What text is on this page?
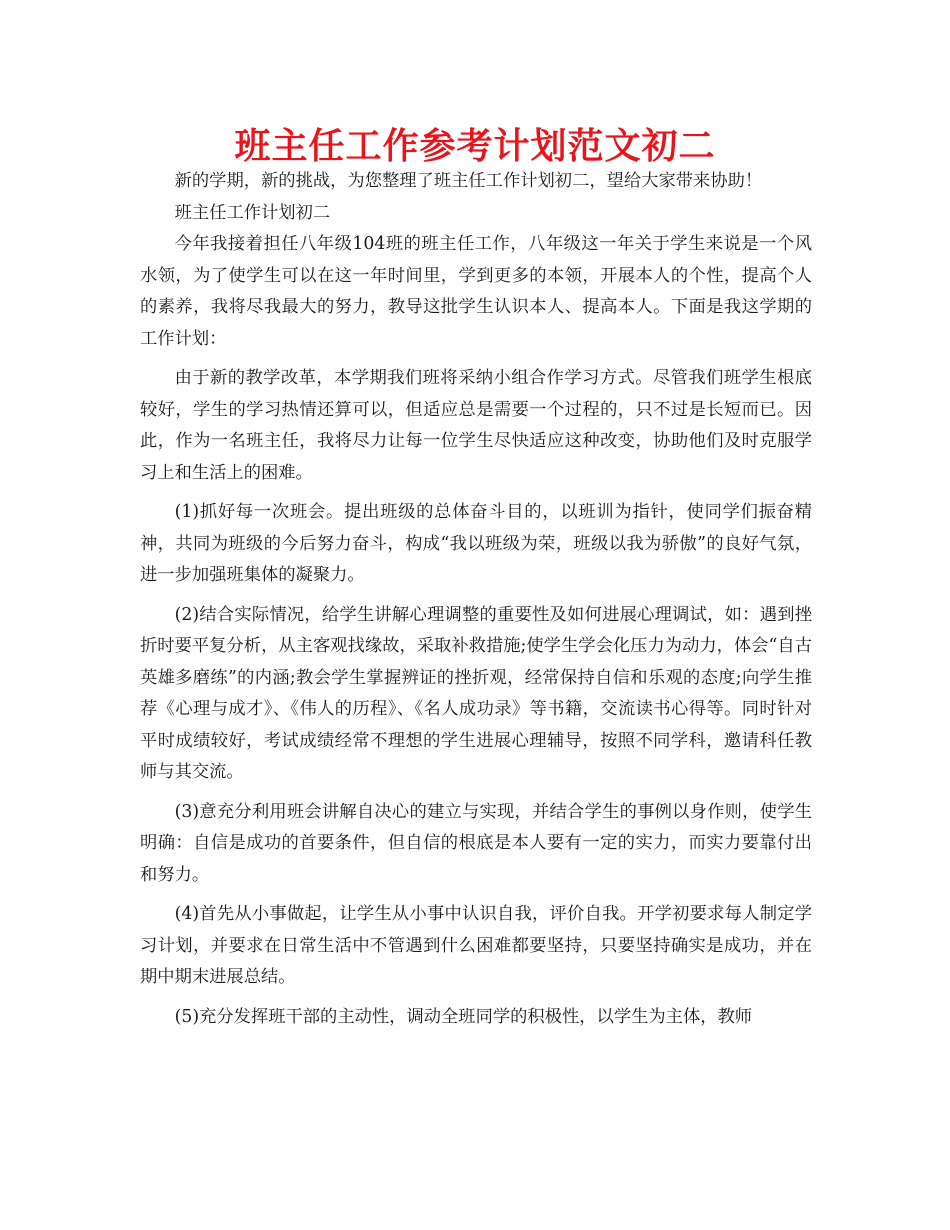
班主任工作参考计划范文初二

新的学期，新的挑战，为您整理了班主任工作计划初二，望给大家带来协助！

班主任工作计划初二

今年我接着担任八年级104班的班主任工作，八年级这一年关于学生来说是一个风水领，为了使学生可以在这一年时间里，学到更多的本领，开展本人的个性，提高个人的素养，我将尽我最大的努力，教导这批学生认识本人、提高本人。下面是我这学期的工作计划：

由于新的教学改革，本学期我们班将采纳小组合作学习方式。尽管我们班学生根底较好，学生的学习热情还算可以，但适应总是需要一个过程的，只不过是长短而已。因此，作为一名班主任，我将尽力让每一位学生尽快适应这种改变，协助他们及时克服学习上和生活上的困难。

(1)抓好每一次班会。提出班级的总体奋斗目的，以班训为指针，使同学们振奋精神，共同为班级的今后努力奋斗，构成“我以班级为荣，班级以我为骄傲”的良好气氛，进一步加强班集体的凝聚力。

(2)结合实际情况，给学生讲解心理调整的重要性及如何进展心理调试，如：遇到挫折时要平复分析，从主客观找缘故，采取补救措施;使学生学会化压力为动力，体会“自古英雄多磨练”的内涵;教会学生掌握辨证的挫折观，经常保持自信和乐观的态度;向学生推荐《心理与成才》、《伟人的历程》、《名人成功录》等书籍，交流读书心得等。同时针对平时成绩较好，考试成绩经常不理想的学生进展心理辅导，按照不同学科，邀请科任教师与其交流。

(3)意充分利用班会讲解自决心的建立与实现，并结合学生的事例以身作则，使学生明确：自信是成功的首要条件，但自信的根底是本人要有一定的实力，而实力要靠付出和努力。

(4)首先从小事做起，让学生从小事中认识自我，评价自我。开学初要求每人制定学习计划，并要求在日常生活中不管遇到什么困难都要坚持，只要坚持确实是成功，并在期中期末进展总结。

(5)充分发挥班干部的主动性，调动全班同学的积极性，以学生为主体，教师
